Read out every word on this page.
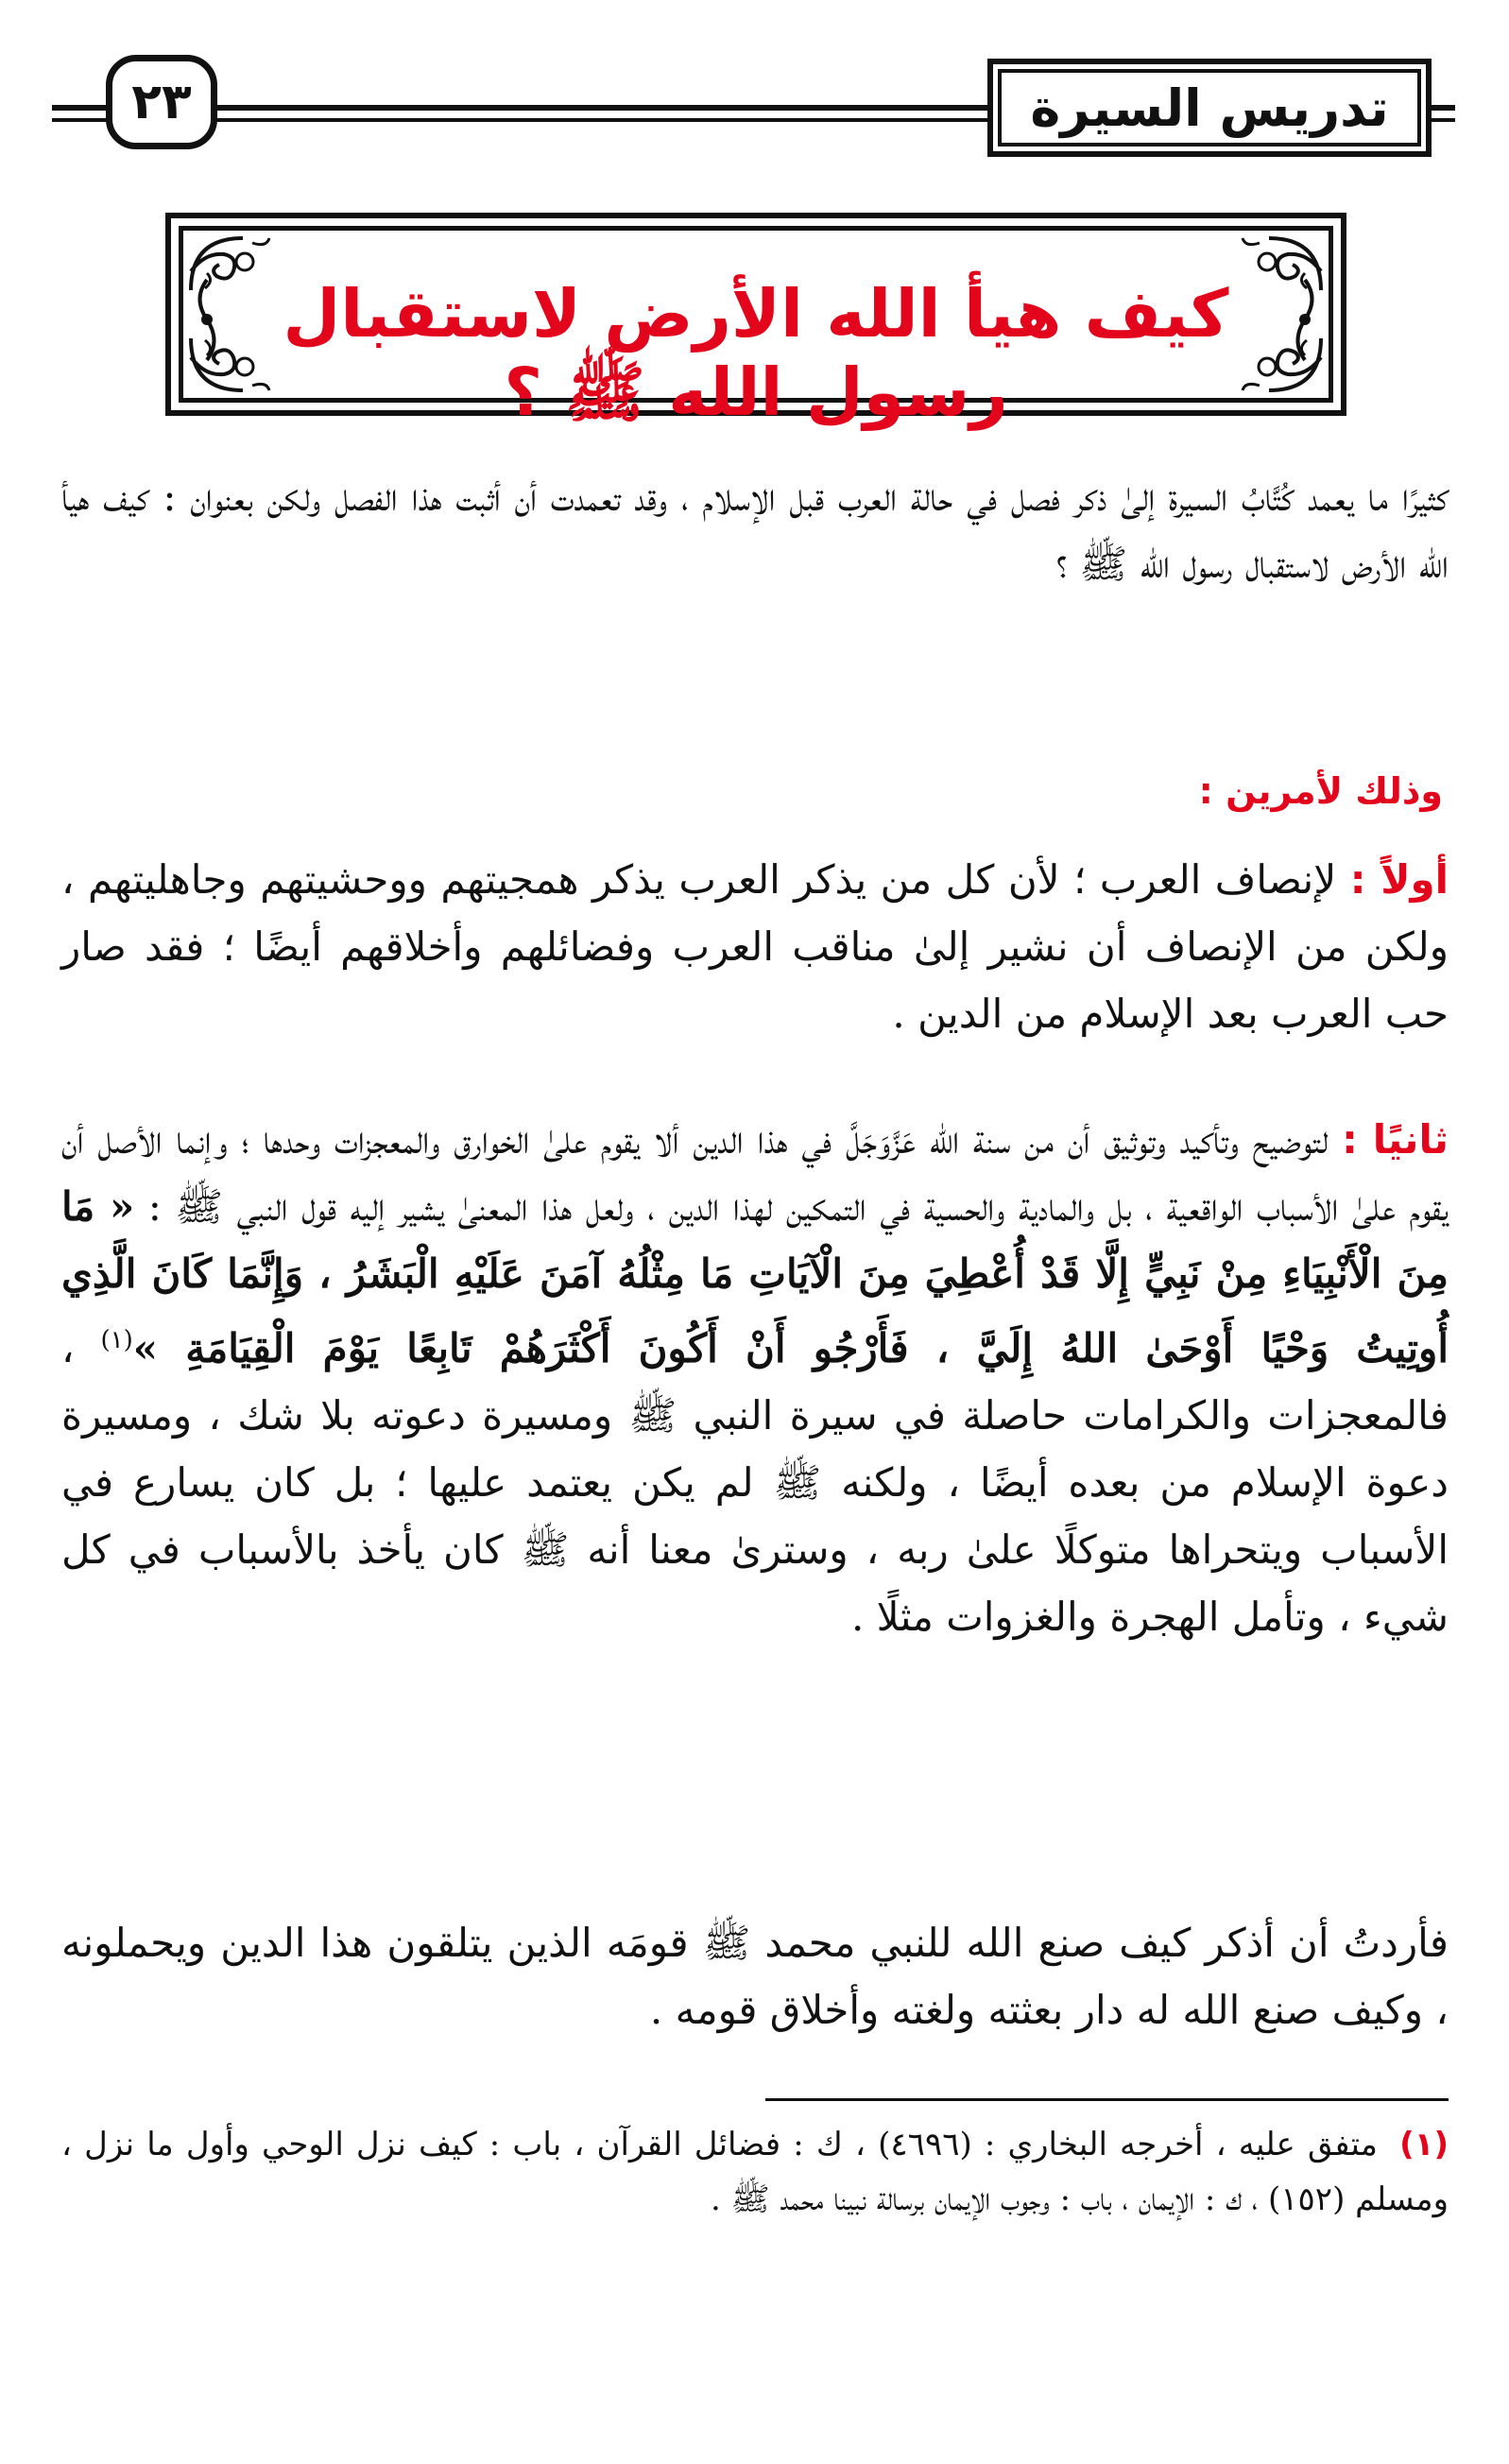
٢٣	تدريس السيرة
كيف هيأ الله الأرض لاستقبال رسول الله ﷺ ؟
كثيرًا ما يعمد كُتَّابُ السيرة إلىٰ ذكر فصل في حالة العرب قبل الإسلام ، وقد تعمدت أن أثبت هذا الفصل ولكن بعنوان : كيف هيأ الله الأرض لاستقبال رسول الله ﷺ ؟
وذلك لأمرين :
أولاً : لإنصاف العرب ؛ لأن كل من يذكر العرب يذكر همجيتهم ووحشيتهم وجاهليتهم ، ولكن من الإنصاف أن نشير إلىٰ مناقب العرب وفضائلهم وأخلاقهم أيضًا ؛ فقد صار حب العرب بعد الإسلام من الدين .
ثانيًا : لتوضيح وتأكيد وتوثيق أن من سنة الله عَزَّوَجَلَّ في هذا الدين ألا يقوم علىٰ الخوارق والمعجزات وحدها ؛ وإنما الأصل أن يقوم علىٰ الأسباب الواقعية ، بل والمادية والحسية في التمكين لهذا الدين ، ولعل هذا المعنىٰ يشير إليه قول النبي ﷺ : « مَا مِنَ الْأَنْبِيَاءِ مِنْ نَبِيٍّ إِلَّا قَدْ أُعْطِيَ مِنَ الْآيَاتِ مَا مِثْلُهُ آمَنَ عَلَيْهِ الْبَشَرُ ، وَإِنَّمَا كَانَ الَّذِي أُوتِيتُ وَحْيًا أَوْحَىٰ اللهُ إِلَيَّ ، فَأَرْجُو أَنْ أَكُونَ أَكْثَرَهُمْ تَابِعًا يَوْمَ الْقِيَامَةِ »$^{(١)}$ ، فالمعجزات والكرامات حاصلة في سيرة النبي ﷺ ومسيرة دعوته بلا شك ، ومسيرة دعوة الإسلام من بعده أيضًا ، ولكنه ﷺ لم يكن يعتمد عليها ؛ بل كان يسارع في الأسباب ويتحراها متوكلًا علىٰ ربه ، وسترىٰ معنا أنه ﷺ كان يأخذ بالأسباب في كل شيء ، وتأمل الهجرة والغزوات مثلًا .
فأردتُ أن أذكر كيف صنع الله للنبي محمد ﷺ قومَه الذين يتلقون هذا الدين ويحملونه ، وكيف صنع الله له دار بعثته ولغته وأخلاق قومه .
(١) متفق عليه ، أخرجه البخاري : (٤٦٩٦) ، ك : فضائل القرآن ، باب : كيف نزل الوحي وأول ما نزل ، ومسلم (١٥٢) ، ك : الإيمان ، باب : وجوب الإيمان برسالة نبينا محمد ﷺ .
